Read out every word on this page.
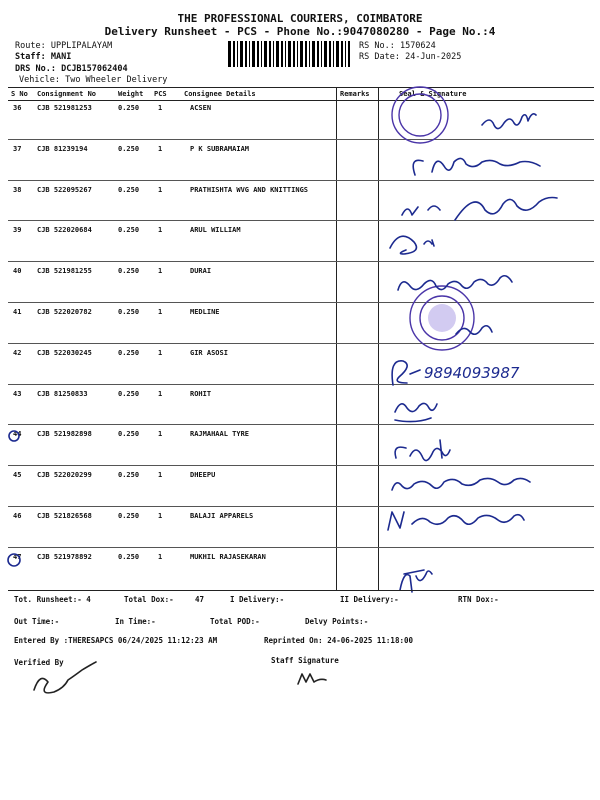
THE PROFESSIONAL COURIERS, COIMBATORE
Delivery Runsheet - PCS - Phone No.:9047080280 - Page No.:4
Route: UPPLIPALAYAM
Staff: MANI
DRS No.: DCJB157062404
Vehicle: Two Wheeler Delivery
RS No.: 1570624
RS Date: 24-Jun-2025
S No Consignment No	Weight PCS Consignee Details	Remarks	Seal & Signature
36 CJB 521981253	0.250	1	ACSEN
37 CJB 81239194	0.250	1	P K SUBRAMAIAM
38 CJB 522095267	0.250	1	PRATHISHTA WVG AND KNITTINGS
39 CJB 522020684	0.250	1	ARUL WILLIAM
40 CJB 521981255	0.250	1	DURAI
41 CJB 522020782	0.250	1	MEDLINE
42 CJB 522030245	0.250	1	GIR ASOSI
43 CJB 81250833	0.250	1	ROHIT
44 CJB 521982898	0.250	1	RAJMAHAAL TYRE
45 CJB 522020299	0.250	1	DHEEPU
46 CJB 521826568	0.250	1	BALAJI APPARELS
47 CJB 521978892	0.250	1	MUKHIL RAJASEKARAN
9894093987
Tot. Runsheet:- 4	Total Dox:-	47	I Delivery:-	II Delivery:-	RTN Dox:-
Out Time:-	In Time:-	Total POD:-	Delvy Points:-
Entered By :THERESAPCS 06/24/2025 11:12:23 AM	Reprinted On: 24-06-2025 11:18:00
Verified By	Staff Signature
